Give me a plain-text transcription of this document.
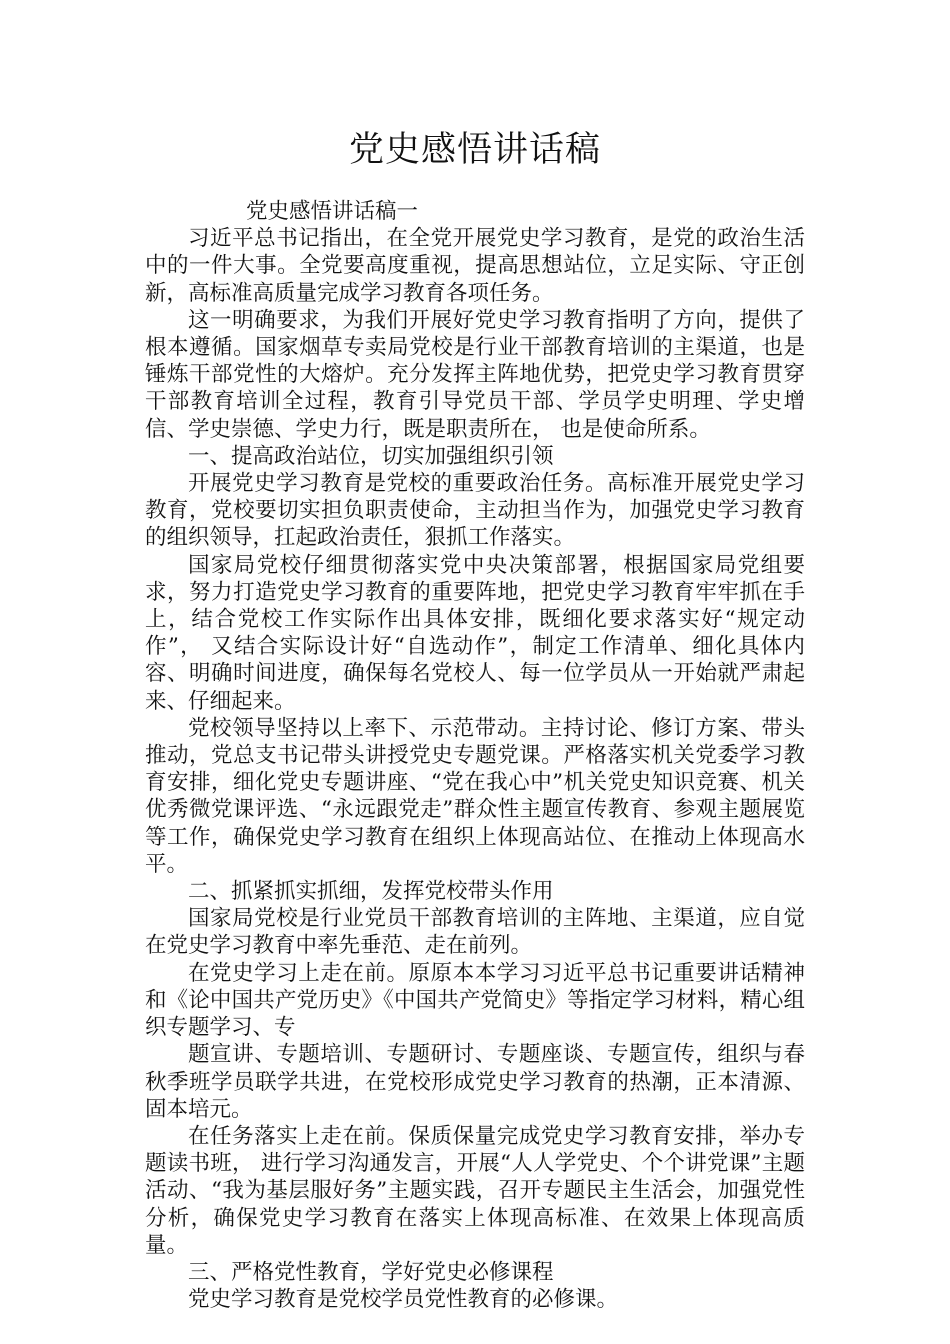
党史感悟讲话稿

党史感悟讲话稿一

习近平总书记指出，在全党开展党史学习教育，是党的政治生活中的一件大事。全党要高度重视，提高思想站位，立足实际、守正创新，高标准高质量完成学习教育各项任务。

这一明确要求，为我们开展好党史学习教育指明了方向，提供了根本遵循。国家烟草专卖局党校是行业干部教育培训的主渠道，也是锤炼干部党性的大熔炉。充分发挥主阵地优势，把党史学习教育贯穿干部教育培训全过程，教育引导党员干部、学员学史明理、学史增信、学史崇德、学史力行，既是职责所在， 也是使命所系。

一、提高政治站位，切实加强组织引领

开展党史学习教育是党校的重要政治任务。高标准开展党史学习教育，党校要切实担负职责使命，主动担当作为，加强党史学习教育的组织领导，扛起政治责任，狠抓工作落实。

国家局党校仔细贯彻落实党中央决策部署，根据国家局党组要求，努力打造党史学习教育的重要阵地，把党史学习教育牢牢抓在手上，结合党校工作实际作出具体安排，既细化要求落实好“规定动作”， 又结合实际设计好“自选动作”，制定工作清单、细化具体内容、明确时间进度，确保每名党校人、每一位学员从一开始就严肃起来、仔细起来。

党校领导坚持以上率下、示范带动。主持讨论、修订方案、带头推动，党总支书记带头讲授党史专题党课。严格落实机关党委学习教育安排，细化党史专题讲座、“党在我心中”机关党史知识竞赛、机关优秀微党课评选、“永远跟党走”群众性主题宣传教育、参观主题展览等工作，确保党史学习教育在组织上体现高站位、在推动上体现高水平。

二、抓紧抓实抓细，发挥党校带头作用

国家局党校是行业党员干部教育培训的主阵地、主渠道，应自觉在党史学习教育中率先垂范、走在前列。

在党史学习上走在前。原原本本学习习近平总书记重要讲话精神和《论中国共产党历史》《中国共产党简史》等指定学习材料，精心组织专题学习、专

题宣讲、专题培训、专题研讨、专题座谈、专题宣传，组织与春秋季班学员联学共进，在党校形成党史学习教育的热潮，正本清源、固本培元。

在任务落实上走在前。保质保量完成党史学习教育安排，举办专题读书班， 进行学习沟通发言，开展“人人学党史、个个讲党课”主题活动、“我为基层服好务”主题实践，召开专题民主生活会，加强党性分析，确保党史学习教育在落实上体现高标准、在效果上体现高质量。

三、严格党性教育，学好党史必修课程

党史学习教育是党校学员党性教育的必修课。
